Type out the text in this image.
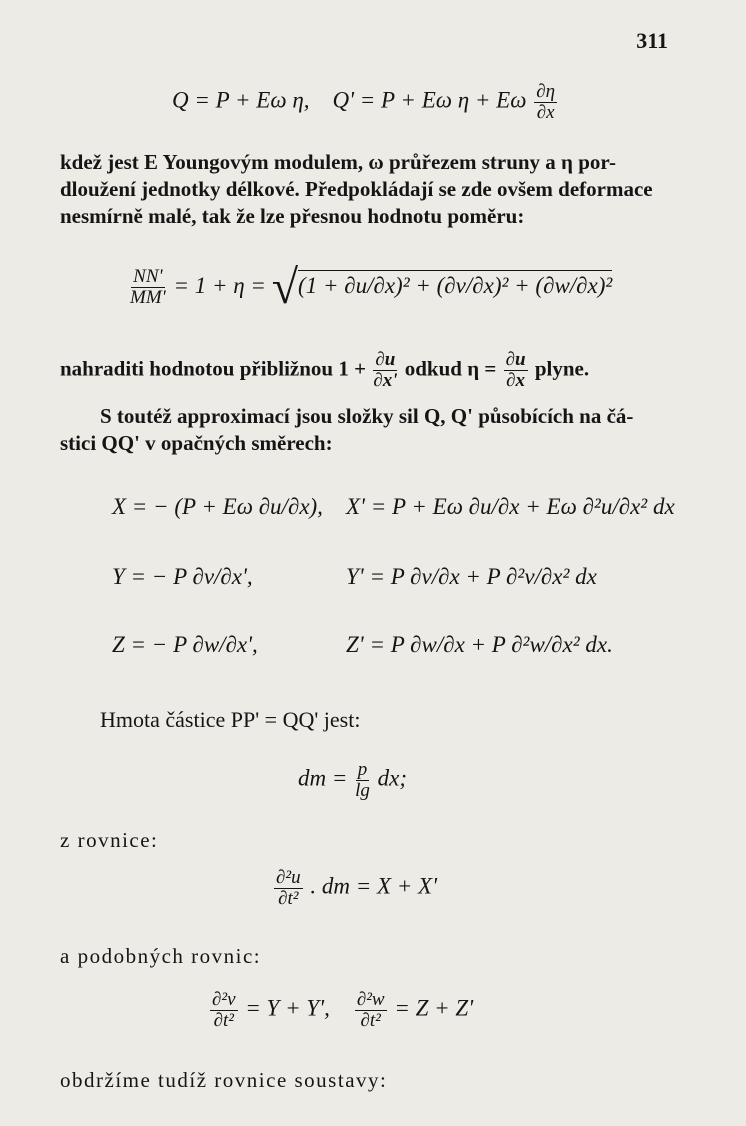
311
Q = P + Eω η, Q' = P + Eω η + Eω $\frac{\partial\eta}{\partial x}$
kdež jest E Youngovým modulem, ω průřezem struny a η por-
dloužení jednotky délkové. Předpokládají se zde ovšem deformace
nesmírně malé, tak že lze přesnou hodnotu poměru:
$\frac{NN'}{MM'} = 1 + \eta = √(1 + \partial u/\partial x)^2 + (\partial v/\partial x)^2 + (\partial w/\partial x)^2$
nahraditi hodnotou přibližnou $1 + \frac{\partial u}{\partial x'}$ odkud $\eta = \frac{\partial u}{\partial x}$ plyne.
S toutéž approximací jsou složky sil Q, Q' působících na čá-
stici QQ' v opačných směrech:
X = − (P + Eω ∂u/∂x), X' = P + Eω ∂u/∂x + Eω ∂²u/∂x² dx
Y = − P ∂v/∂x',	Y' = P ∂v/∂x + P ∂²v/∂x² dx
Z = − P ∂w/∂x',	Z' = P ∂w/∂x + P ∂²w/∂x² dx.
Hmota částice PP' = QQ' jest:
dm = $\frac{p}{\lg}$ dx;
z rovnice:
$\frac{\text{∂²u}}{\text{∂t²}}$ . dm = X + X'
a podobných rovnic:
$\frac{\text{∂²v}}{\text{∂t²}} = Y + Y'$, $\frac{\text{∂²w}}{\text{∂t²}} = Z + Z'$
obdržíme tudíž rovnice soustavy:
